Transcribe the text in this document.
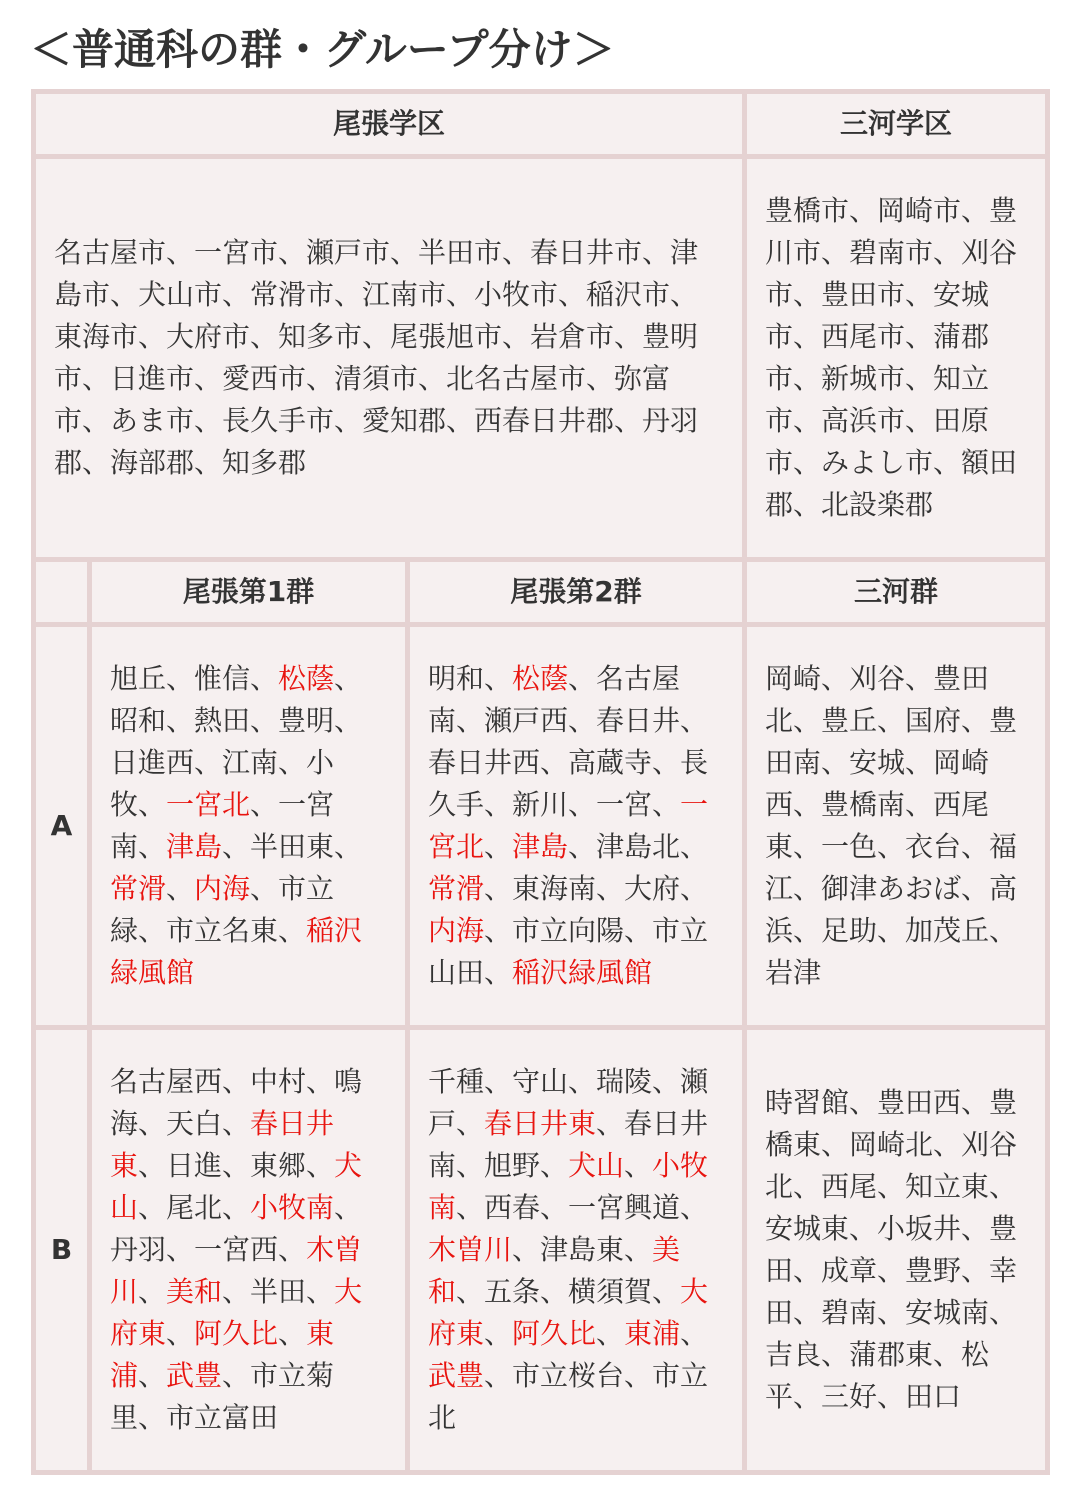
＜普通科の群・グループ分け＞
尾張学区			三河学区
名古屋市、一宮市、瀬戸市、半田市、春日井市、津島市、犬山市、常滑市、江南市、小牧市、稲沢市、東海市、大府市、知多市、尾張旭市、岩倉市、豊明市、日進市、愛西市、清須市、北名古屋市、弥富市、あま市、長久手市、愛知郡、西春日井郡、丹羽郡、海部郡、知多郡			豊橋市、岡崎市、豊川市、碧南市、刈谷市、豊田市、安城市、西尾市、蒲郡市、新城市、知立市、高浜市、田原市、みよし市、額田郡、北設楽郡
	尾張第1群	尾張第2群	三河群
A	旭丘、惟信、松蔭、昭和、熱田、豊明、日進西、江南、小牧、一宮北、一宮南、津島、半田東、常滑、内海、市立緑、市立名東、稲沢緑風館	明和、松蔭、名古屋南、瀬戸西、春日井、春日井西、高蔵寺、長久手、新川、一宮、一宮北、津島、津島北、常滑、東海南、大府、内海、市立向陽、市立山田、稲沢緑風館	岡崎、刈谷、豊田北、豊丘、国府、豊田南、安城、岡崎西、豊橋南、西尾東、一色、衣台、福江、御津あおば、高浜、足助、加茂丘、岩津
B	名古屋西、中村、鳴海、天白、春日井東、日進、東郷、犬山、尾北、小牧南、丹羽、一宮西、木曽川、美和、半田、大府東、阿久比、東浦、武豊、市立菊里、市立富田	千種、守山、瑞陵、瀬戸、春日井東、春日井南、旭野、犬山、小牧南、西春、一宮興道、木曽川、津島東、美和、五条、横須賀、大府東、阿久比、東浦、武豊、市立桜台、市立北	時習館、豊田西、豊橋東、岡崎北、刈谷北、西尾、知立東、安城東、小坂井、豊田、成章、豊野、幸田、碧南、安城南、吉良、蒲郡東、松平、三好、田口
